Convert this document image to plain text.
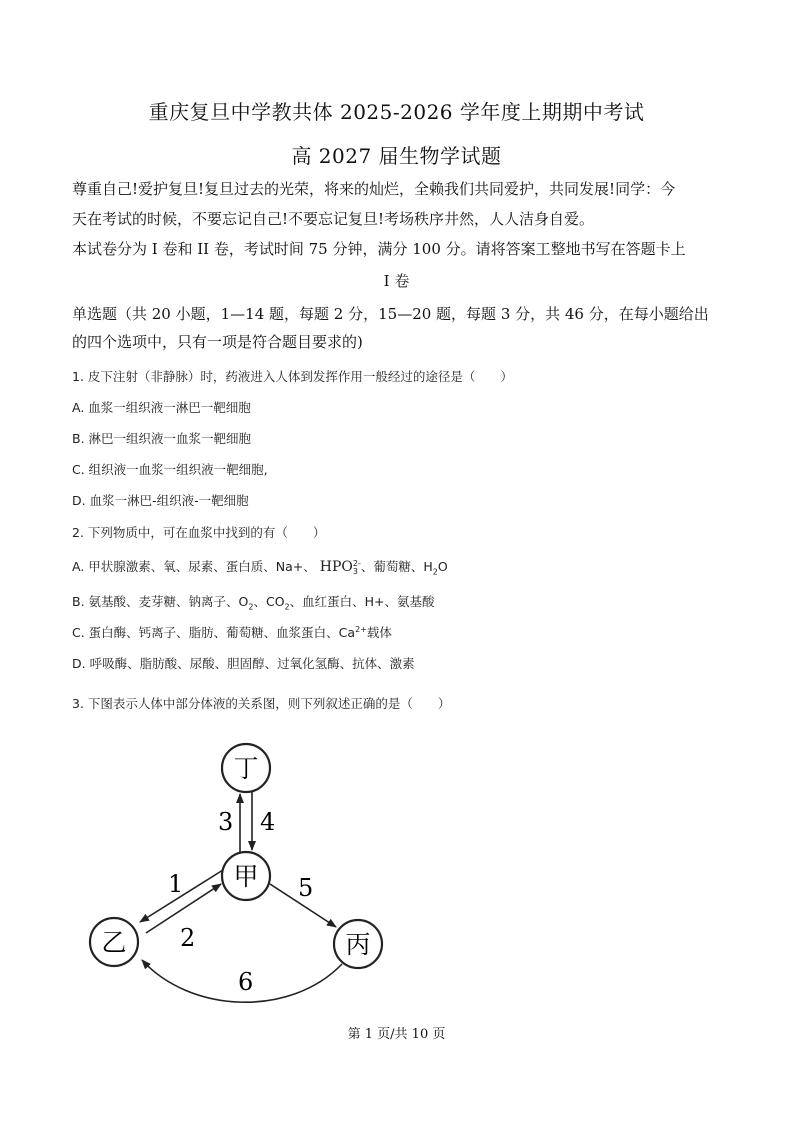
重庆复旦中学教共体 2025-2026 学年度上期期中考试
高 2027 届生物学试题
尊重自己!爱护复旦!复旦过去的光荣，将来的灿烂，全赖我们共同爱护，共同发展!同学：今
天在考试的时候，不要忘记自己!不要忘记复旦!考场秩序井然，人人洁身自爱。
本试卷分为 I 卷和 II 卷，考试时间 75 分钟，满分 100 分。请将答案工整地书写在答题卡上
I 卷
单选题（共 20 小题，1—14 题，每题 2 分，15—20 题，每题 3 分，共 46 分，在每小题给出
的四个选项中，只有一项是符合题目要求的)
1. 皮下注射（非静脉）时，药液进入人体到发挥作用一般经过的途径是（　　）
A. 血浆一组织液一淋巴一靶细胞
B. 淋巴一组织液一血浆一靶细胞
C. 组织液一血浆一组织液一靶细胞,
D. 血浆一淋巴-组织液-一靶细胞
2. 下列物质中，可在血浆中找到的有（　　）
A. 甲状腺激素、氧、尿素、蛋白质、Na+、 HPO 2-
3 、葡萄糖、$H_2O$
B. 氨基酸、麦芽糖、钠离子、$O_2$、$CO_2$、血红蛋白、H+、氨基酸
C. 蛋白酶、钙离子、脂肪、葡萄糖、血浆蛋白、$Ca^{2+}$载体
D. 呼吸酶、脂肪酸、尿酸、胆固醇、过氧化氢酶、抗体、激素
3. 下图表示人体中部分体液的关系图，则下列叙述正确的是（　　）
丁
甲
乙	丙
3 4
1
2
5
6
第 1 页/共 10 页
